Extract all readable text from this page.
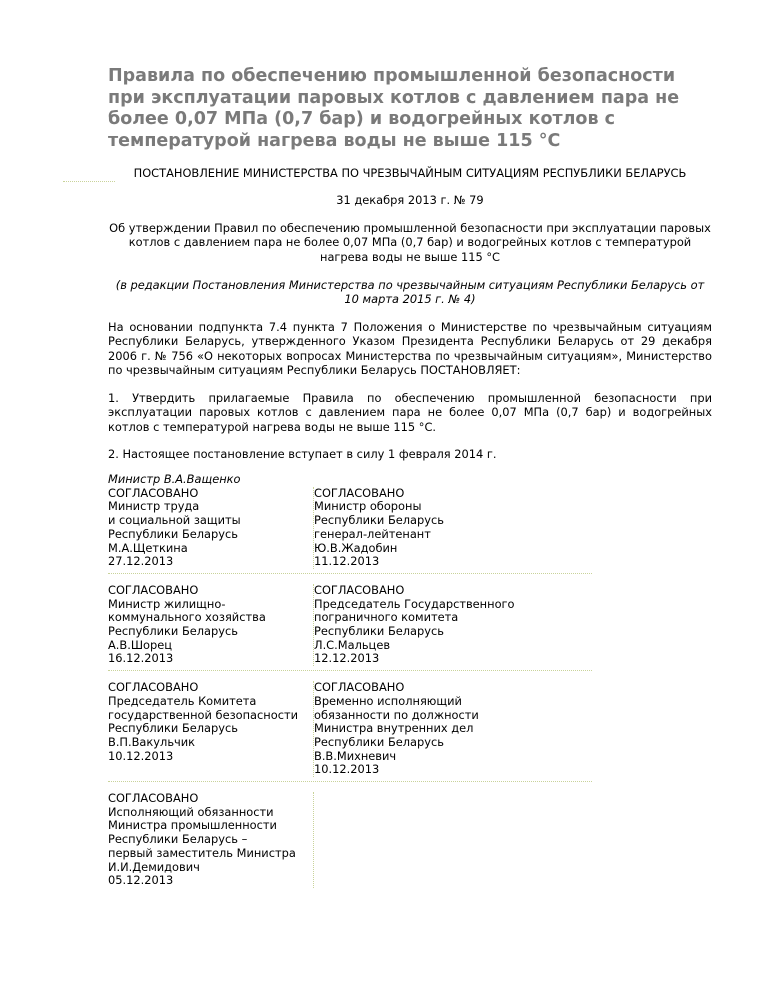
Правила по обеспечению промышленной безопасности при эксплуатации паровых котлов с давлением пара не более 0,07 МПа (0,7 бар) и водогрейных котлов с температурой нагрева воды не выше 115 °С

ПОСТАНОВЛЕНИЕ МИНИСТЕРСТВА ПО ЧРЕЗВЫЧАЙНЫМ СИТУАЦИЯМ РЕСПУБЛИКИ БЕЛАРУСЬ

31 декабря 2013 г. № 79

Об утверждении Правил по обеспечению промышленной безопасности при эксплуатации паровых котлов с давлением пара не более 0,07 МПа (0,7 бар) и водогрейных котлов с температурой нагрева воды не выше 115 °С

(в редакции Постановления Министерства по чрезвычайным ситуациям Республики Беларусь от 10 марта 2015 г. № 4)

На основании подпункта 7.4 пункта 7 Положения о Министерстве по чрезвычайным ситуациям Республики Беларусь, утвержденного Указом Президента Республики Беларусь от 29 декабря 2006 г. № 756 «О некоторых вопросах Министерства по чрезвычайным ситуациям», Министерство по чрезвычайным ситуациям Республики Беларусь ПОСТАНОВЛЯЕТ:

1. Утвердить прилагаемые Правила по обеспечению промышленной безопасности при эксплуатации паровых котлов с давлением пара не более 0,07 МПа (0,7 бар) и водогрейных котлов с температурой нагрева воды не выше 115 °С.

2. Настоящее постановление вступает в силу 1 февраля 2014 г.

Министр В.А.Ващенко
СОГЛАСОВАНО
Министр труда
и социальной защиты
Республики Беларусь
М.А.Щеткина
27.12.2013
СОГЛАСОВАНО
Министр обороны
Республики Беларусь
генерал-лейтенант
Ю.В.Жадобин
11.12.2013
СОГЛАСОВАНО
Министр жилищно-
коммунального хозяйства
Республики Беларусь
А.В.Шорец
16.12.2013
СОГЛАСОВАНО
Председатель Государственного
пограничного комитета
Республики Беларусь
Л.С.Мальцев
12.12.2013
СОГЛАСОВАНО
Председатель Комитета
государственной безопасности
Республики Беларусь
В.П.Вакульчик
10.12.2013
СОГЛАСОВАНО
Временно исполняющий
обязанности по должности
Министра внутренних дел
Республики Беларусь
В.В.Михневич
10.12.2013
СОГЛАСОВАНО
Исполняющий обязанности
Министра промышленности
Республики Беларусь –
первый заместитель Министра
И.И.Демидович
05.12.2013
